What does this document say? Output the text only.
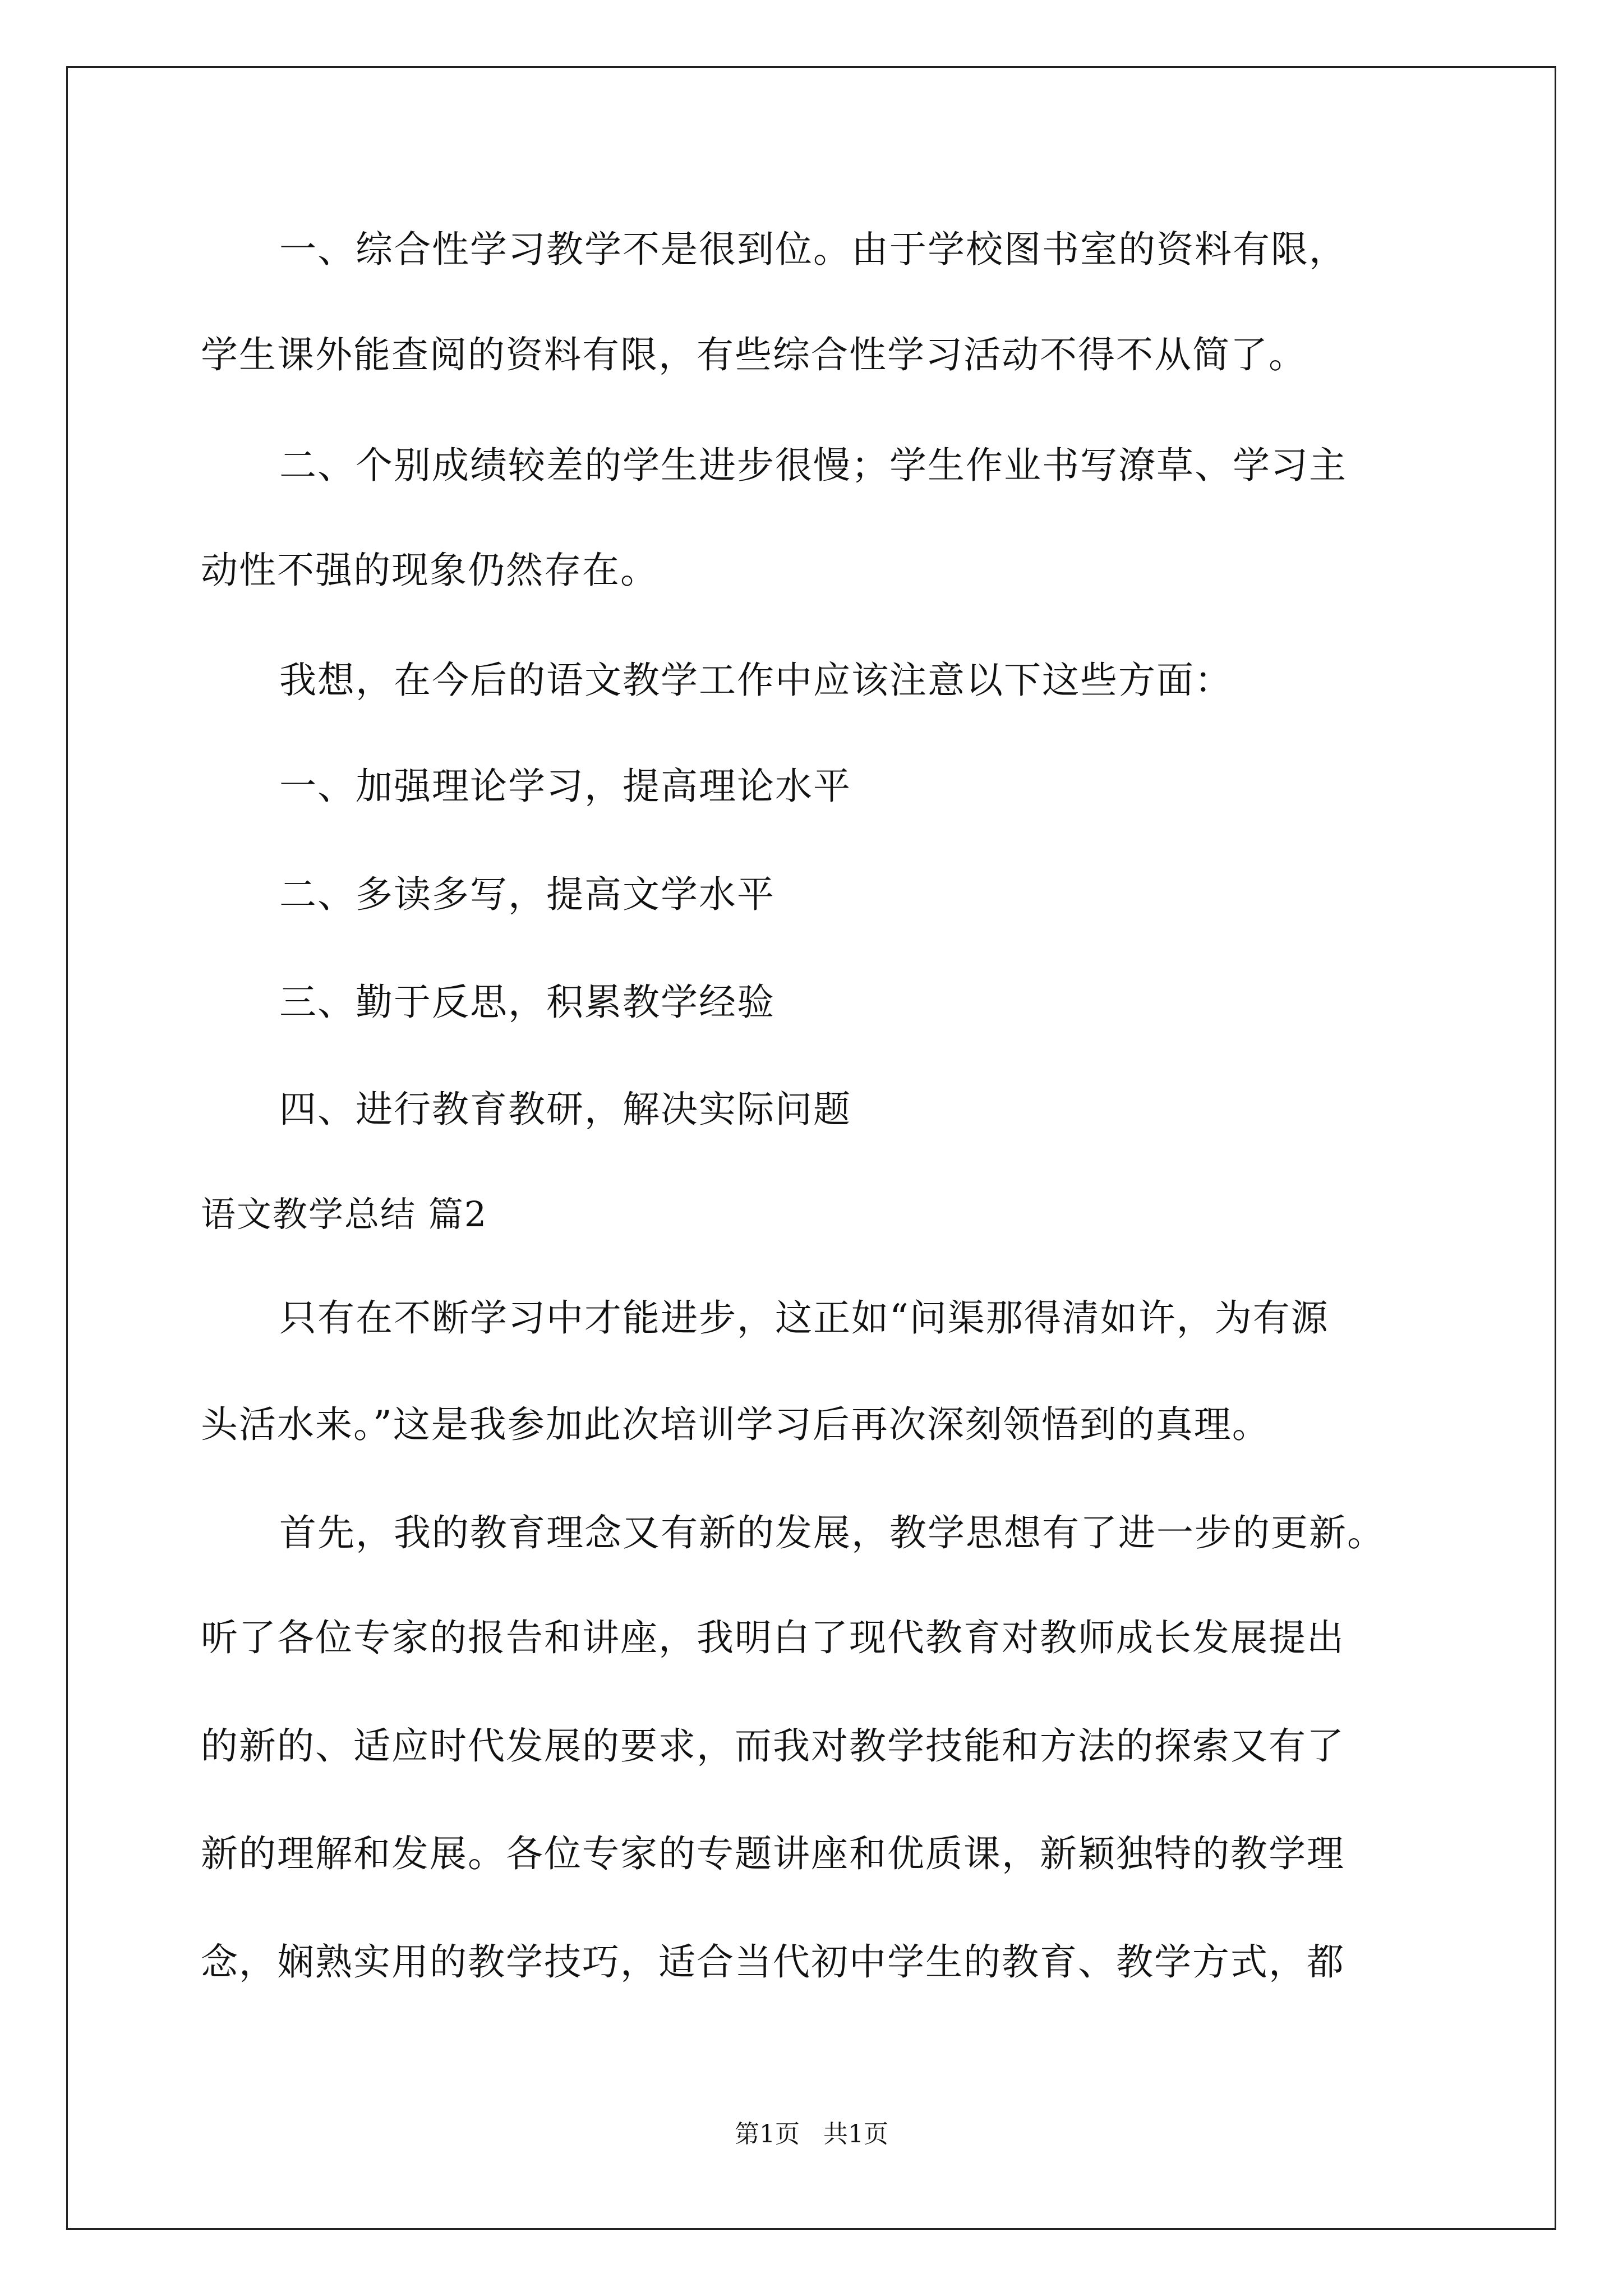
一、综合性学习教学不是很到位。由于学校图书室的资料有限，
学生课外能查阅的资料有限，有些综合性学习活动不得不从简了。
二、个别成绩较差的学生进步很慢；学生作业书写潦草、学习主
动性不强的现象仍然存在。
我想，在今后的语文教学工作中应该注意以下这些方面：
一、加强理论学习，提高理论水平
二、多读多写，提高文学水平
三、勤于反思，积累教学经验
四、进行教育教研，解决实际问题
语文教学总结 篇2
只有在不断学习中才能进步，这正如“问渠那得清如许，为有源
头活水来。”这是我参加此次培训学习后再次深刻领悟到的真理。
首先，我的教育理念又有新的发展，教学思想有了进一步的更新。
听了各位专家的报告和讲座，我明白了现代教育对教师成长发展提出
的新的、适应时代发展的要求，而我对教学技能和方法的探索又有了
新的理解和发展。各位专家的专题讲座和优质课，新颖独特的教学理
念，娴熟实用的教学技巧，适合当代初中学生的教育、教学方式，都
第1页 共1页
